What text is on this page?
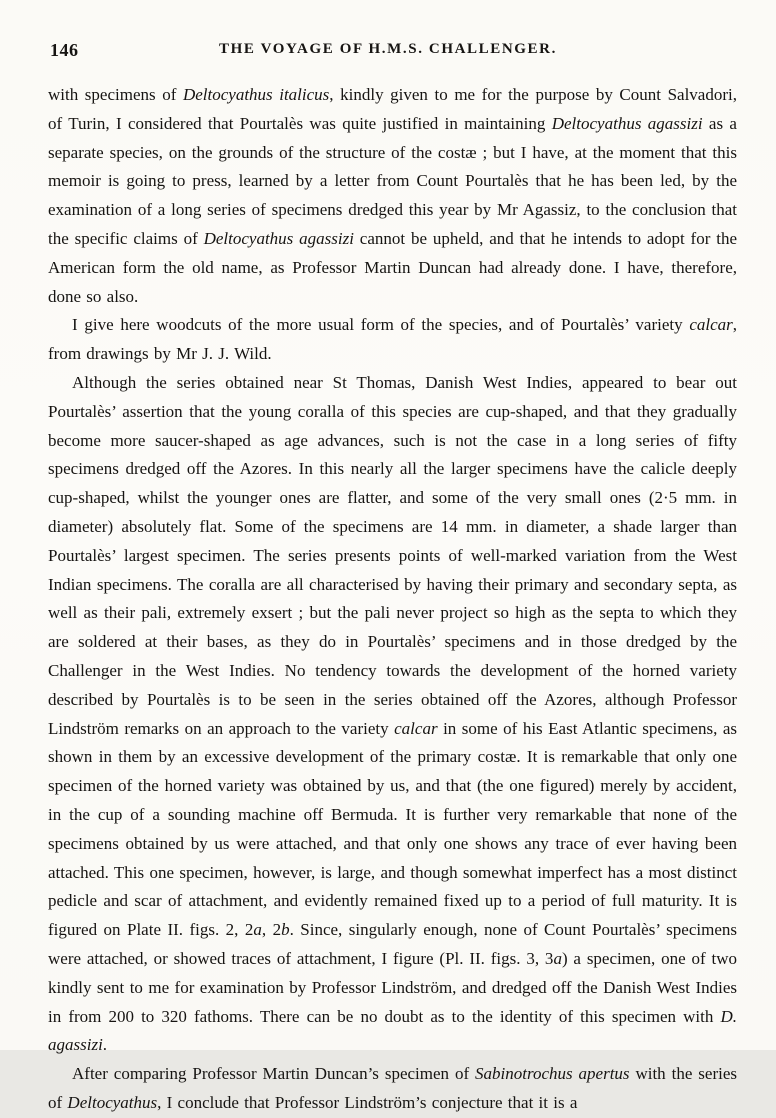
146	THE VOYAGE OF H.M.S. CHALLENGER.

with specimens of Deltocyathus italicus, kindly given to me for the purpose by Count Salvadori, of Turin, I considered that Pourtalès was quite justified in maintaining Deltocyathus agassizi as a separate species, on the grounds of the structure of the costæ ; but I have, at the moment that this memoir is going to press, learned by a letter from Count Pourtalès that he has been led, by the examination of a long series of specimens dredged this year by Mr Agassiz, to the conclusion that the specific claims of Deltocyathus agassizi cannot be upheld, and that he intends to adopt for the American form the old name, as Professor Martin Duncan had already done. I have, therefore, done so also.

I give here woodcuts of the more usual form of the species, and of Pourtalès’ variety calcar, from drawings by Mr J. J. Wild.

Although the series obtained near St Thomas, Danish West Indies, appeared to bear out Pourtalès’ assertion that the young coralla of this species are cup-shaped, and that they gradually become more saucer-shaped as age advances, such is not the case in a long series of fifty specimens dredged off the Azores. In this nearly all the larger specimens have the calicle deeply cup-shaped, whilst the younger ones are flatter, and some of the very small ones (2·5 mm. in diameter) absolutely flat. Some of the specimens are 14 mm. in diameter, a shade larger than Pourtalès’ largest specimen. The series presents points of well-marked variation from the West Indian specimens. The coralla are all characterised by having their primary and secondary septa, as well as their pali, extremely exsert ; but the pali never project so high as the septa to which they are soldered at their bases, as they do in Pourtalès’ specimens and in those dredged by the Challenger in the West Indies. No tendency towards the development of the horned variety described by Pourtalès is to be seen in the series obtained off the Azores, although Professor Lindström remarks on an approach to the variety calcar in some of his East Atlantic specimens, as shown in them by an excessive development of the primary costæ. It is remarkable that only one specimen of the horned variety was obtained by us, and that (the one figured) merely by accident, in the cup of a sounding machine off Bermuda. It is further very remarkable that none of the specimens obtained by us were attached, and that only one shows any trace of ever having been attached. This one specimen, however, is large, and though somewhat imperfect has a most distinct pedicle and scar of attachment, and evidently remained fixed up to a period of full maturity. It is figured on Plate II. figs. 2, 2a, 2b. Since, singularly enough, none of Count Pourtalès’ specimens were attached, or showed traces of attachment, I figure (Pl. II. figs. 3, 3a) a specimen, one of two kindly sent to me for examination by Professor Lindström, and dredged off the Danish West Indies in from 200 to 320 fathoms. There can be no doubt as to the identity of this specimen with D. agassizi.

After comparing Professor Martin Duncan’s specimen of Sabinotrochus apertus with the series of Deltocyathus, I conclude that Professor Lindström’s conjecture that it is a
